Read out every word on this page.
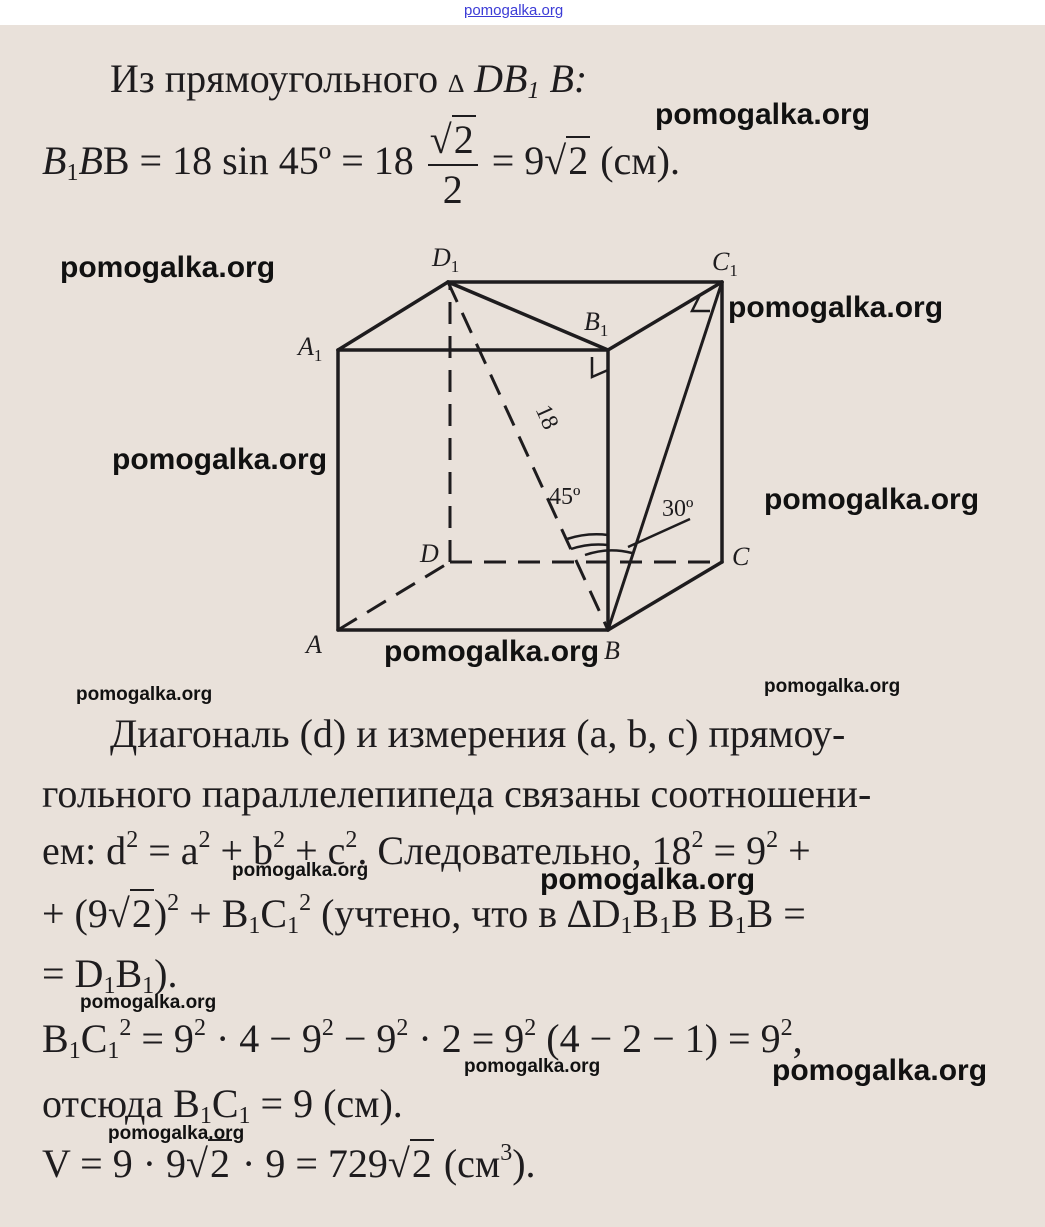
pomogalka.org
Из прямоугольного ∆ $DB_1$ B:
$B_1BB = 18$ sin 45º = $18 \frac{√2}{2} = 9√2$ (см).
Диагональ (d) и измерения (a, b, c) прямоу-
гольного параллелепипеда связаны соотношени-
ем: $d^2 = a^2 + b^2 + c^2$. Следовательно, $18^2 = 9^2$ +
+ $(9√2)^2 + B_1C_1^2$ (учтено, что в $\Delta D_1B_1B$ $B_1B$ =
= $D_1B_1$).
$B_1C_1^2 = 9^2 \cdot 4 - 9^2 - 9^2 \cdot 2 = 9^2$ $(4 - 2 - 1) = 9^2$,
отсюда $B_1C_1 = 9$ (см).
V = 9 · 9√2 · 9 = 729√2 $(см^3)$.
$D_1$	$C_1$
$B_1$
$A_1$
A	B
C
D
18
45º	30º
pomogalka.org
pomogalka.org
pomogalka.org
pomogalka.org
pomogalka.org
pomogalka.org
pomogalka.org	pomogalka.org
pomogalka.org	pomogalka.org
pomogalka.org
pomogalka.org	pomogalka.org
pomogalka.org
